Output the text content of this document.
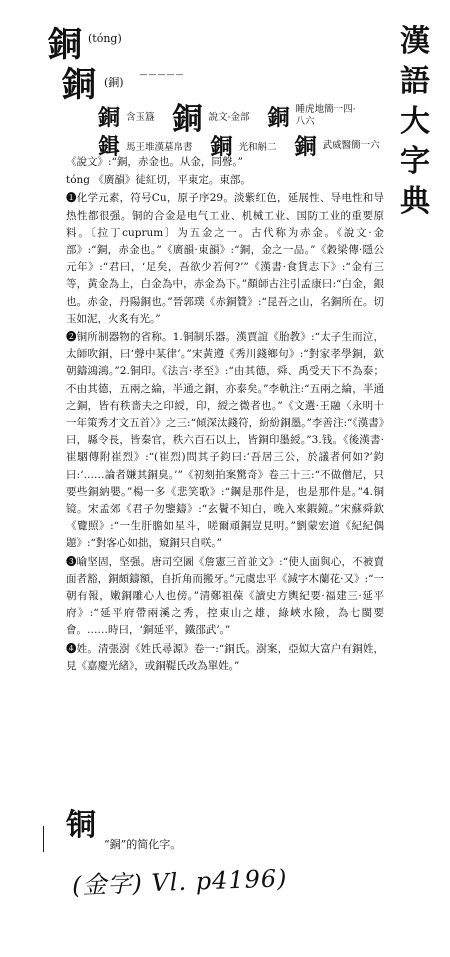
漢
語
大
字
典
銅 (tóng)
銅 (銅) ‾‾‾‾‾
銅 含玉簋 銅 說文·金部 銅 睡虎地簡一四·八六
鍓 馬王堆漢墓帛書 銅 光和斛二 銅 武威醫簡一六

《說文》:“銅，赤金也。从金，同聲。”

tóng 《廣韻》徒紅切，平東定。東部。

❶化学元素，符号Cu，原子序29。淡紫红色，延展性、导电性和导热性都很强。铜的合金是电气工业、机械工业、国防工业的重要原料。〔拉丁cuprum〕为五金之一。古代称为赤金。《說文·金部》:“銅，赤金也。”《廣韻·東韻》:“銅，金之一品。”《穀梁傳·隱公元年》:“君曰，‘足矣，吾欲少若何?’”《漢書·食貨志下》:“金有三等，黃金為上，白金為中，赤金為下。”顏師古注引孟康曰:“白金，銀也。赤金，丹陽銅也。”晉郭璞《赤銅贊》:“昆吾之山，名銅所在。切玉如泥，火炙有光。”

❷铜所制器物的省称。1.铜制乐器。漢賈誼《胎教》:“太子生而泣，太師吹銅，曰‘聲中某律’。”宋黃遵《秀川錢鄉句》:“對家孝學銅，欽朝鑄鴻鴻。”2.铜印。《法言·孝至》:“由其德，舜、禹受天下不為泰；不由其德，五兩之綸，半通之銅，亦泰矣。”李軌注:“五兩之綸，半通之銅，皆有秩嗇夫之印綬，印，綬之微者也。”《文選·王融〈永明十一年策秀才文五首〉》之三:“傾深汰錢符，紛紛銅墨。”李善注:“《漢書》曰，縣令長，皆秦官，秩六百石以上，皆銅印墨綬。”3.钱。《後漢書·崔駰傳附崔烈》:“(崔烈)問其子鈞曰:‘吾居三公，於議者何如?’鈞曰:‘……論者嫌其銅臭。’”《初刻拍案驚奇》卷三十三:“不做僧尼，只要些銅納嬰。”楊一多《悲笑歌》:“鋼是那件是，也是那件是。”4.铜镜。宋孟郊《君子勿鑒鑄》:“玄鬢不知白，晚入來鍜鏡。”宋蘇舜欽《覽照》:“一生肝膽如星斗，嗟爾頑銅豈見明。”劉蒙宏道《紀紀偶題》:“對客心如拙，窺銅只自咲。”

❸喻坚固，坚强。唐司空圖《詹憲三首並文》:“使人面與心，不被賣面者豁，銅頗鑄額，自折角而搬牙。”元虞忠平《減字木蘭花·又》:“一朝有報，嫩銅雕心人也傍。”清鄭祖葆《讀史方輿紀要·福建三·延平府》:“延平府帶兩溪之秀，控東山之雄，綠峽水險，為七閩要會。……時曰，‘銅延平，鐵邵武’。”

❹姓。清張澍《姓氏尋源》卷一:“銅氏。澍案，亞姒大富户有銅姓，見《嘉慶光緒》，或銅鞮氏改為單姓。”

铜
“銅”的简化字。
(金字) Vl. p4196)
